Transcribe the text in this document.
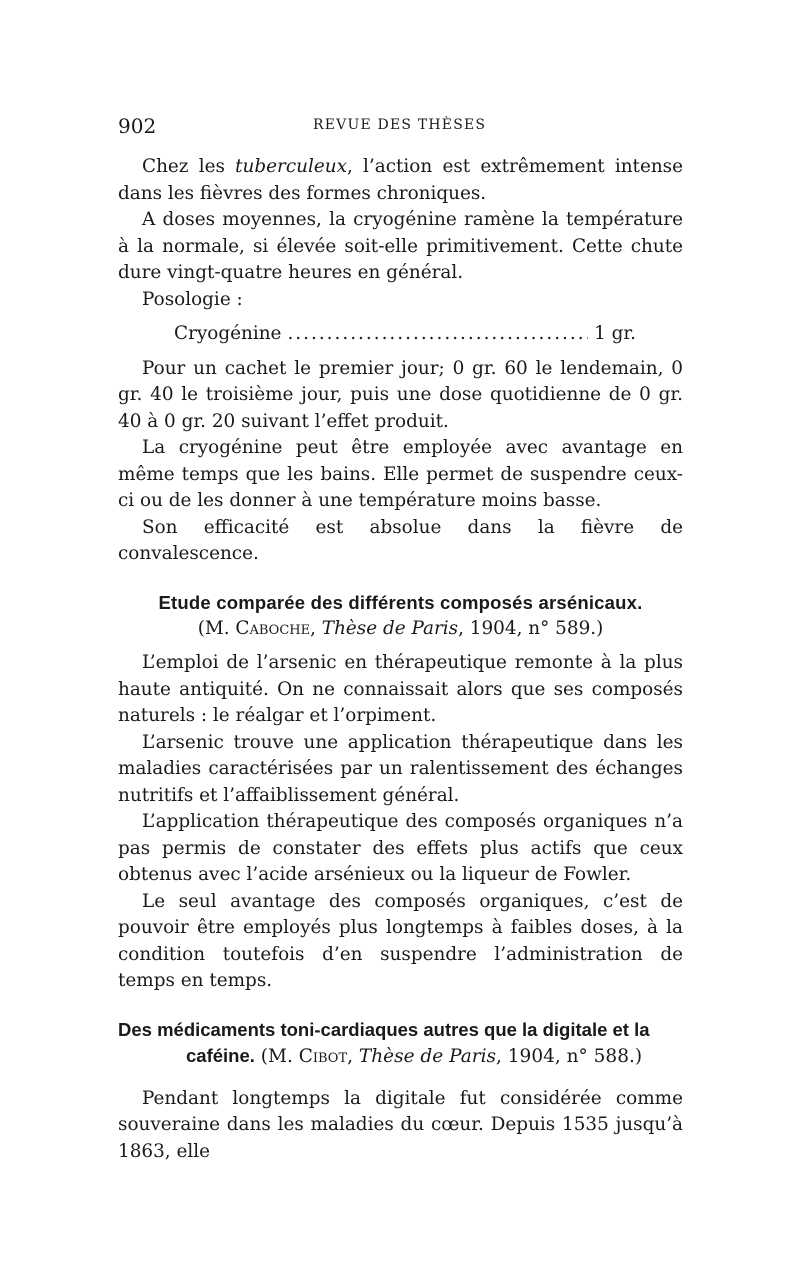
902	REVUE DES THÈSES

Chez les tuberculeux, l’action est extrêmement intense dans les fièvres des formes chroniques.

A doses moyennes, la cryogénine ramène la température à la normale, si élevée soit-elle primitivement. Cette chute dure vingt-quatre heures en général.

Posologie :

Cryogénine
.....	1 gr.

Pour un cachet le premier jour; 0 gr. 60 le lendemain, 0 gr. 40 le troisième jour, puis une dose quotidienne de 0 gr. 40 à 0 gr. 20 suivant l’effet produit.

La cryogénine peut être employée avec avantage en même temps que les bains. Elle permet de suspendre ceux-ci ou de les donner à une température moins basse.

Son efficacité est absolue dans la fièvre de convalescence.

Etude comparée des différents composés arsénicaux.
(M. Caboche, Thèse de Paris, 1904, n° 589.)

L’emploi de l’arsenic en thérapeutique remonte à la plus haute antiquité. On ne connaissait alors que ses composés naturels : le réalgar et l’orpiment.

L’arsenic trouve une application thérapeutique dans les maladies caractérisées par un ralentissement des échanges nutritifs et l’affaiblissement général.

L’application thérapeutique des composés organiques n’a pas permis de constater des effets plus actifs que ceux obtenus avec l’acide arsénieux ou la liqueur de Fowler.

Le seul avantage des composés organiques, c’est de pouvoir être employés plus longtemps à faibles doses, à la condition toutefois d’en suspendre l’administration de temps en temps.

Des médicaments toni-cardiaques autres que la digitale et la
caféine. (M. Cibot, Thèse de Paris, 1904, n° 588.)

Pendant longtemps la digitale fut considérée comme souveraine dans les maladies du cœur. Depuis 1535 jusqu’à 1863, elle
